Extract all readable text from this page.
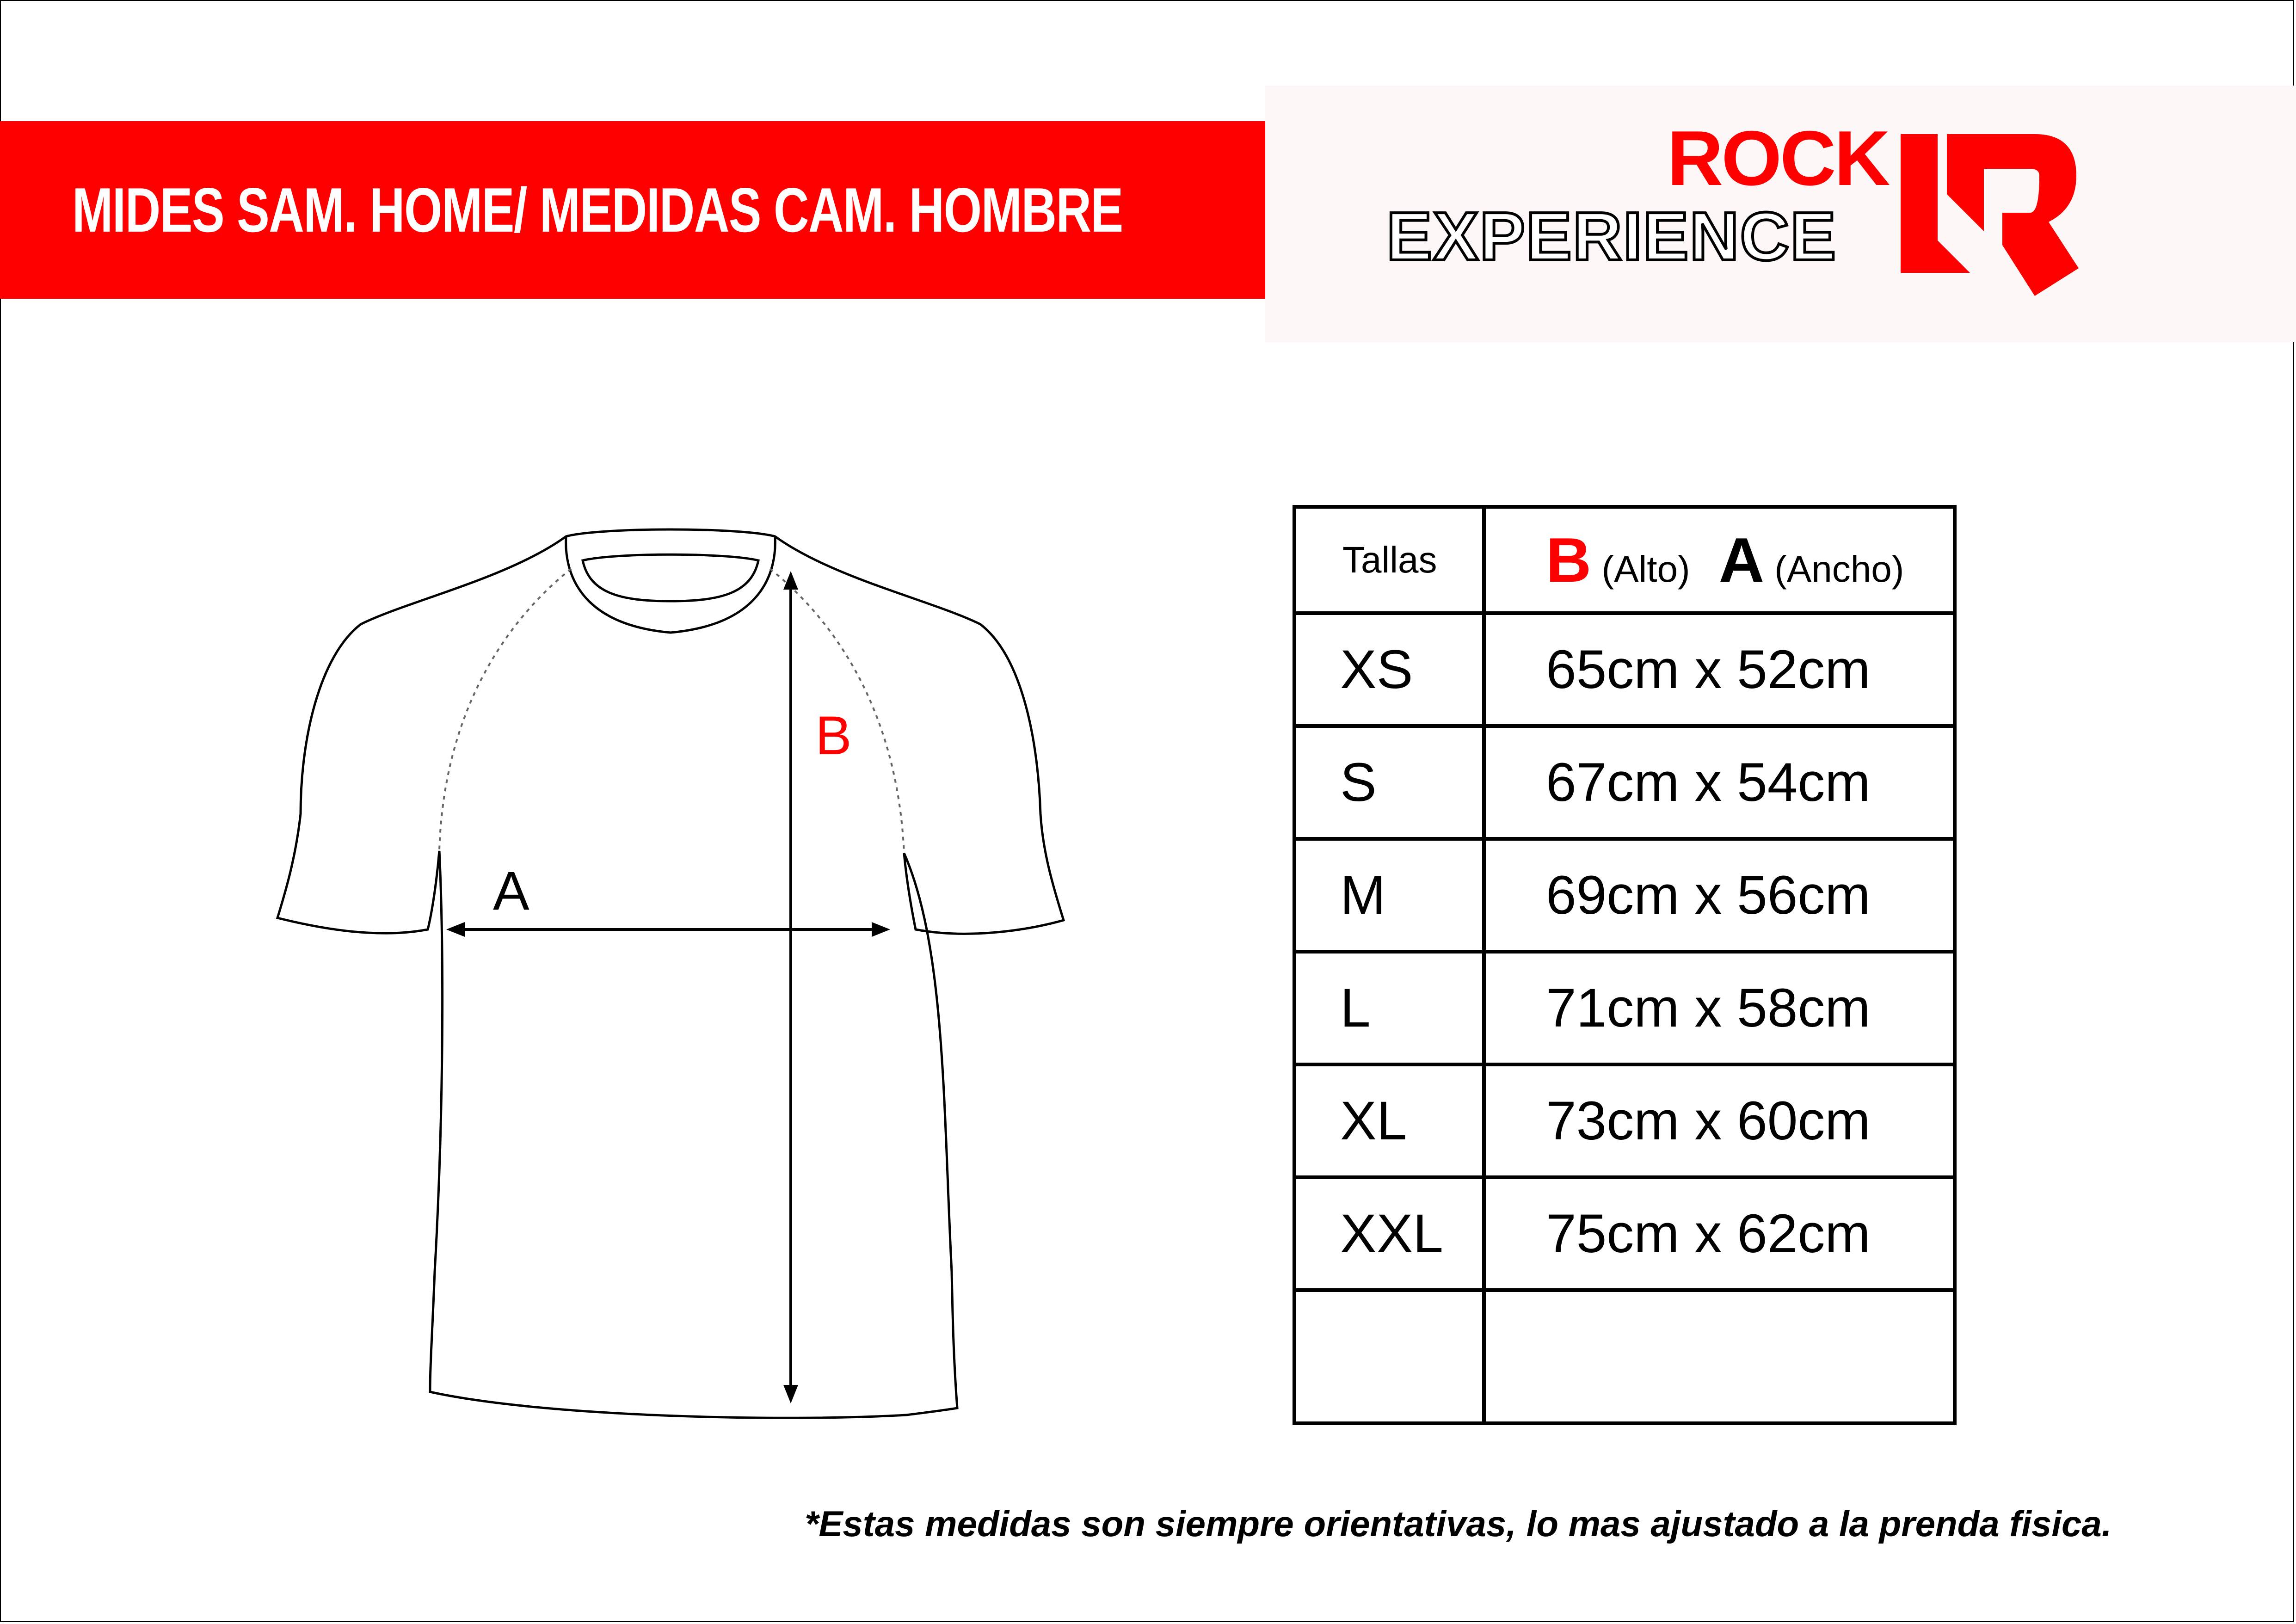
MIDES SAM. HOME/ MEDIDAS CAM. HOMBRE
ROCK
EXPERIENCE
A
B
Tallas	B (Alto) A (Ancho)
XS	65cm x 52cm
S	67cm x 54cm
M	69cm x 56cm
L	71cm x 58cm
XL	73cm x 60cm
XXL	75cm x 62cm

*Estas medidas son siempre orientativas, lo mas ajustado a la prenda fisica.
